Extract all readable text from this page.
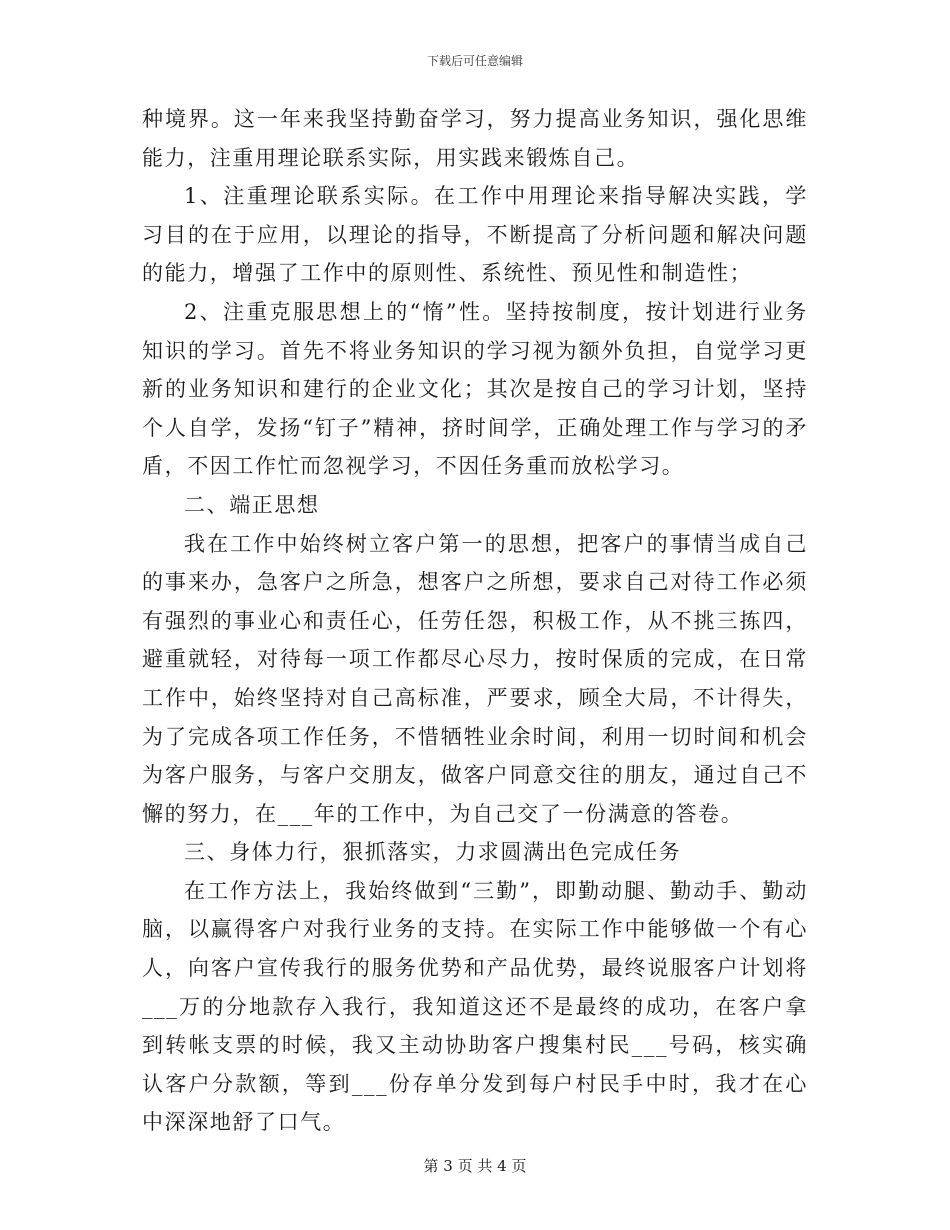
下载后可任意编辑

种境界。这一年来我坚持勤奋学习，努力提高业务知识，强化思维能力，注重用理论联系实际，用实践来锻炼自己。

1、注重理论联系实际。在工作中用理论来指导解决实践，学习目的在于应用，以理论的指导，不断提高了分析问题和解决问题的能力，增强了工作中的原则性、系统性、预见性和制造性；

2、注重克服思想上的“惰”性。坚持按制度，按计划进行业务知识的学习。首先不将业务知识的学习视为额外负担，自觉学习更新的业务知识和建行的企业文化；其次是按自己的学习计划，坚持个人自学，发扬“钉子”精神，挤时间学，正确处理工作与学习的矛盾，不因工作忙而忽视学习，不因任务重而放松学习。

二、端正思想

我在工作中始终树立客户第一的思想，把客户的事情当成自己的事来办，急客户之所急，想客户之所想，要求自己对待工作必须有强烈的事业心和责任心，任劳任怨，积极工作，从不挑三拣四，避重就轻，对待每一项工作都尽心尽力，按时保质的完成，在日常工作中，始终坚持对自己高标准，严要求，顾全大局，不计得失，为了完成各项工作任务，不惜牺牲业余时间，利用一切时间和机会为客户服务，与客户交朋友，做客户同意交往的朋友，通过自己不懈的努力，在___年的工作中，为自己交了一份满意的答卷。

三、身体力行，狠抓落实，力求圆满出色完成任务

在工作方法上，我始终做到“三勤”，即勤动腿、勤动手、勤动脑，以赢得客户对我行业务的支持。在实际工作中能够做一个有心人，向客户宣传我行的服务优势和产品优势，最终说服客户计划将___万的分地款存入我行，我知道这还不是最终的成功，在客户拿到转帐支票的时候，我又主动协助客户搜集村民___号码，核实确认客户分款额，等到___份存单分发到每户村民手中时，我才在心中深深地舒了口气。

第 3 页 共 4 页
